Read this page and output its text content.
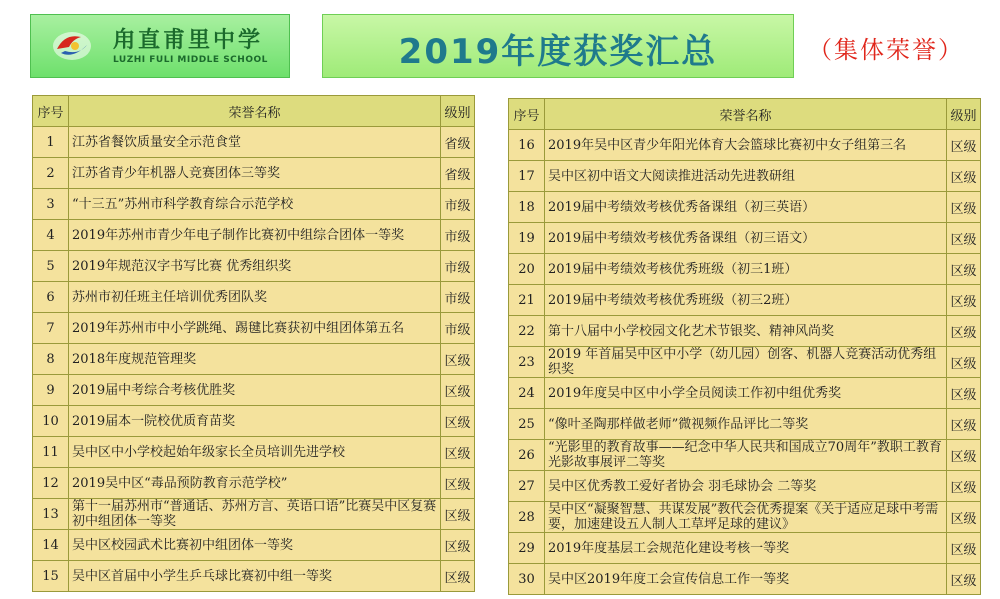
甪直甫里中学
LUZHI FULI MIDDLE SCHOOL	2019年度获奖汇总	（集体荣誉）
序号	荣誉名称	级别
1	江苏省餐饮质量安全示范食堂	省级
2	江苏省青少年机器人竞赛团体三等奖	省级
3	“十三五”苏州市科学教育综合示范学校	市级
4	2019年苏州市青少年电子制作比赛初中组综合团体一等奖	市级
5	2019年规范汉字书写比赛 优秀组织奖	市级
6	苏州市初任班主任培训优秀团队奖	市级
7	2019年苏州市中小学跳绳、踢毽比赛获初中组团体第五名	市级
8	2018年度规范管理奖	区级
9	2019届中考综合考核优胜奖	区级
10	2019届本一院校优质育苗奖	区级
11	吴中区中小学校起始年级家长全员培训先进学校	区级
12	2019吴中区“毒品预防教育示范学校”	区级
13	第十一届苏州市“普通话、苏州方言、英语口语”比赛吴中区复赛初中组团体一等奖	区级
14	吴中区校园武术比赛初中组团体一等奖	区级
15	吴中区首届中小学生乒乓球比赛初中组一等奖	区级
序号	荣誉名称	级别
16	2019年吴中区青少年阳光体育大会篮球比赛初中女子组第三名	区级
17	吴中区初中语文大阅读推进活动先进教研组	区级
18	2019届中考绩效考核优秀备课组（初三英语）	区级
19	2019届中考绩效考核优秀备课组（初三语文）	区级
20	2019届中考绩效考核优秀班级（初三1班）	区级
21	2019届中考绩效考核优秀班级（初三2班）	区级
22	第十八届中小学校园文化艺术节银奖、精神风尚奖	区级
23	2019 年首届吴中区中小学（幼儿园）创客、机器人竞赛活动优秀组织奖	区级
24	2019年度吴中区中小学全员阅读工作初中组优秀奖	区级
25	“像叶圣陶那样做老师”微视频作品评比二等奖	区级
26	“光影里的教育故事——纪念中华人民共和国成立70周年”教职工教育光影故事展评二等奖	区级
27	吴中区优秀教工爱好者协会 羽毛球协会 二等奖	区级
28	吴中区“凝聚智慧、共谋发展”教代会优秀提案《关于适应足球中考需要，加速建设五人制人工草坪足球的建议》	区级
29	2019年度基层工会规范化建设考核一等奖	区级
30	吴中区2019年度工会宣传信息工作一等奖	区级
